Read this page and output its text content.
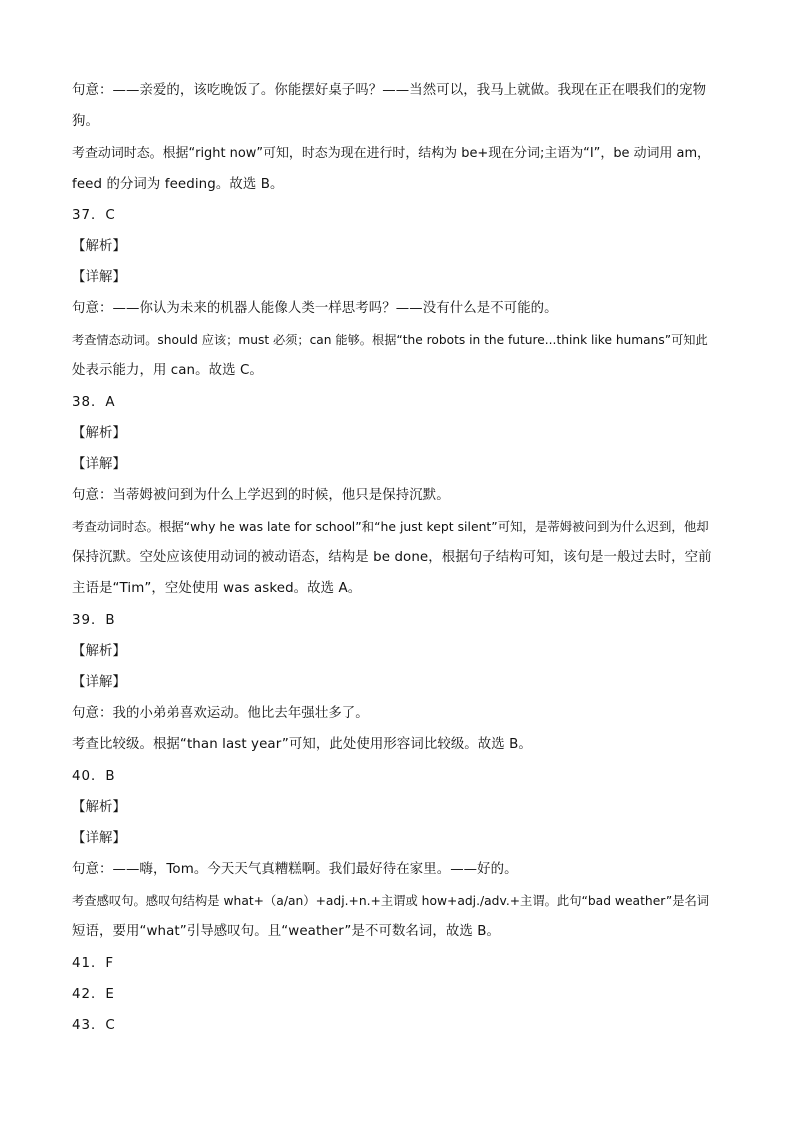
句意：——亲爱的，该吃晚饭了。你能摆好桌子吗？——当然可以，我马上就做。我现在正在喂我们的宠物
狗。
考查动词时态。根据“right now”可知，时态为现在进行时，结构为 be+现在分词;主语为“I”，be 动词用 am，
feed 的分词为 feeding。故选 B。
37．C
【解析】
【详解】
句意：——你认为未来的机器人能像人类一样思考吗？——没有什么是不可能的。
考查情态动词。should 应该；must 必须；can 能够。根据“the robots in the future...think like humans”可知此
处表示能力，用 can。故选 C。
38．A
【解析】
【详解】
句意：当蒂姆被问到为什么上学迟到的时候，他只是保持沉默。
考查动词时态。根据“why he was late for school”和“he just kept silent”可知，是蒂姆被问到为什么迟到，他却
保持沉默。空处应该使用动词的被动语态，结构是 be done，根据句子结构可知，该句是一般过去时，空前
主语是“Tim”，空处使用 was asked。故选 A。
39．B
【解析】
【详解】
句意：我的小弟弟喜欢运动。他比去年强壮多了。
考查比较级。根据“than last year”可知，此处使用形容词比较级。故选 B。
40．B
【解析】
【详解】
句意：——嗨，Tom。今天天气真糟糕啊。我们最好待在家里。——好的。
考查感叹句。感叹句结构是 what+（a/an）+adj.+n.+主谓或 how+adj./adv.+主谓。此句“bad weather”是名词
短语，要用“what”引导感叹句。且“weather”是不可数名词，故选 B。
41．F
42．E
43．C
